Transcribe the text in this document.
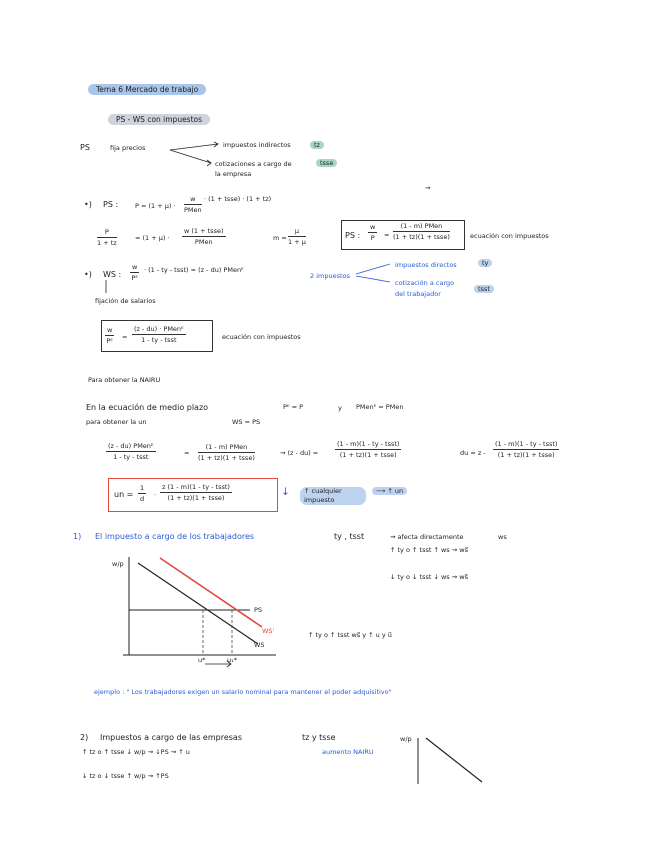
Tema 6 Mercado de trabajo
PS - WS con impuestos
PS	fija precios	impuestos indirectos	tz
cotizaciones a cargo de	tsse
la empresa
•) PS :	P = (1 + μ) ·
w
PMen
· (1 + tsse) · (1 + tz)
⇝
$\frac{P}{1 + tz}$	= (1 + μ) ·
w (1 + tsse)
PMen	$m = \frac{\mu}{1 + \mu}$	PS : $\frac{w}{P}$ =
(1 - m) PMen
(1 + tz)(1 + tsse)	ecuación con impuestos
•) WS : $\frac{w}{\text{Pᴱ}} \cdot (1$ - ty - tsst) = (z - du) PMenᴱ
2 impuestos
impuestos directos	ty
cotización a cargo
del trabajador
tsst
fijación de salarios
$\frac{w}{\text{Pᴱ}}$ =
(z - du) · PMenᴱ
1 - ty - tsst	ecuación con impuestos
Para obtener la NAIRU
En la ecuación de medio plazo	Pᴱ = P	y PMenᴱ = PMen
para obtener la un	WS = PS
(z - du) PMenᴱ
1 - ty - tsst	=
(1 - m) PMen
(1 + tz)(1 + tsse)
⇝ (z - du) =
(1 - m)(1 - ty - tsst)
(1 + tz)(1 + tsse)	du = z -
(1 - m)(1 - ty - tsst)
(1 + tz)(1 + tsse)
un = $\frac{1}{d}$ ·
z (1 - m)(1 - ty - tsst)
(1 + tz)(1 + tsse)	↓	↑ cualquier impuesto
⟶ ↑ un
1) El impuesto a cargo de los trabajadores	ty , tsst	⇝ afecta directamente	ws
↑ ty o ↑ tsst ↑ ws ⇝ ws⃗
↓ ty o ↓ tsst ↓ ws ⇝ ws⃖
↑ ty o ↑ tsst ws⃗ y ↑ u y u⃗
w/p
PS
WS
WS'
u*	u₁*
ejemplo : " Los trabajadores exigen un salario nominal para mantener el poder adquisitivo"
2) Impuestos a cargo de las empresas	tz y tsse
↑ tz o ↑ tsse ↓ w/p ⇝ ↓PS ⇝ ↑ u	aumento NAIRU
↓ tz o ↓ tsse ↑ w/p ⇝ ↑PS
w/p
